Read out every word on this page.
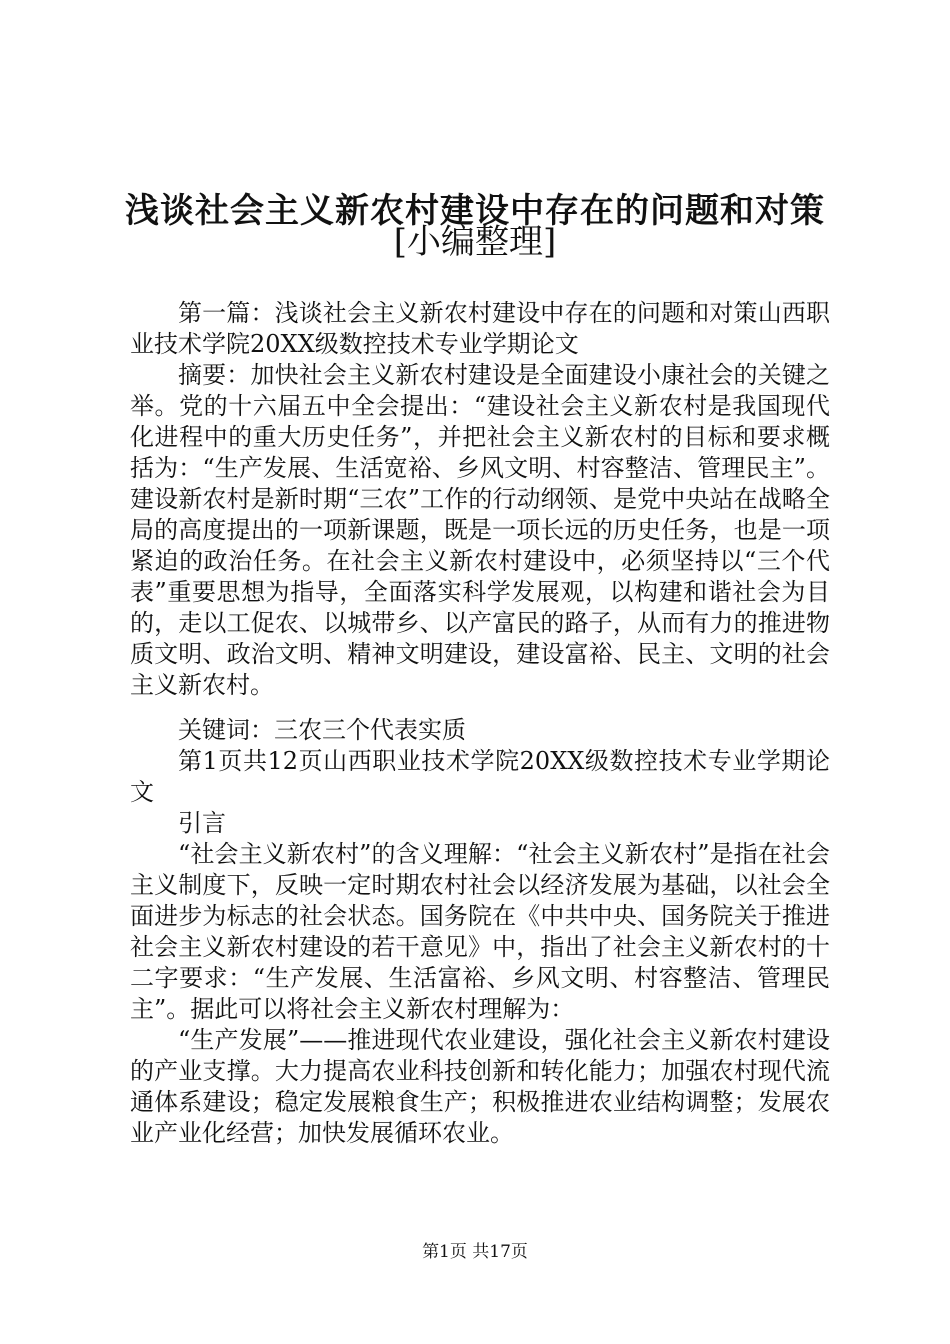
浅谈社会主义新农村建设中存在的问题和对策
[小编整理]

第一篇：浅谈社会主义新农村建设中存在的问题和对策山西职业技术学院20XX级数控技术专业学期论文

摘要：加快社会主义新农村建设是全面建设小康社会的关键之举。党的十六届五中全会提出：“建设社会主义新农村是我国现代化进程中的重大历史任务”，并把社会主义新农村的目标和要求概括为：“生产发展、生活宽裕、乡风文明、村容整洁、管理民主”。建设新农村是新时期“三农”工作的行动纲领、是党中央站在战略全局的高度提出的一项新课题，既是一项长远的历史任务，也是一项紧迫的政治任务。在社会主义新农村建设中，必须坚持以“三个代表”重要思想为指导，全面落实科学发展观，以构建和谐社会为目的，走以工促农、以城带乡、以产富民的路子，从而有力的推进物质文明、政治文明、精神文明建设，建设富裕、民主、文明的社会主义新农村。

关键词：三农三个代表实质

第1页共12页山西职业技术学院20XX级数控技术专业学期论文

引言

“社会主义新农村”的含义理解：“社会主义新农村”是指在社会主义制度下，反映一定时期农村社会以经济发展为基础，以社会全面进步为标志的社会状态。国务院在《中共中央、国务院关于推进社会主义新农村建设的若干意见》中，指出了社会主义新农村的十二字要求：“生产发展、生活富裕、乡风文明、村容整洁、管理民主”。据此可以将社会主义新农村理解为：

“生产发展”——推进现代农业建设，强化社会主义新农村建设的产业支撑。大力提高农业科技创新和转化能力；加强农村现代流通体系建设；稳定发展粮食生产；积极推进农业结构调整；发展农业产业化经营；加快发展循环农业。

第1页 共17页
